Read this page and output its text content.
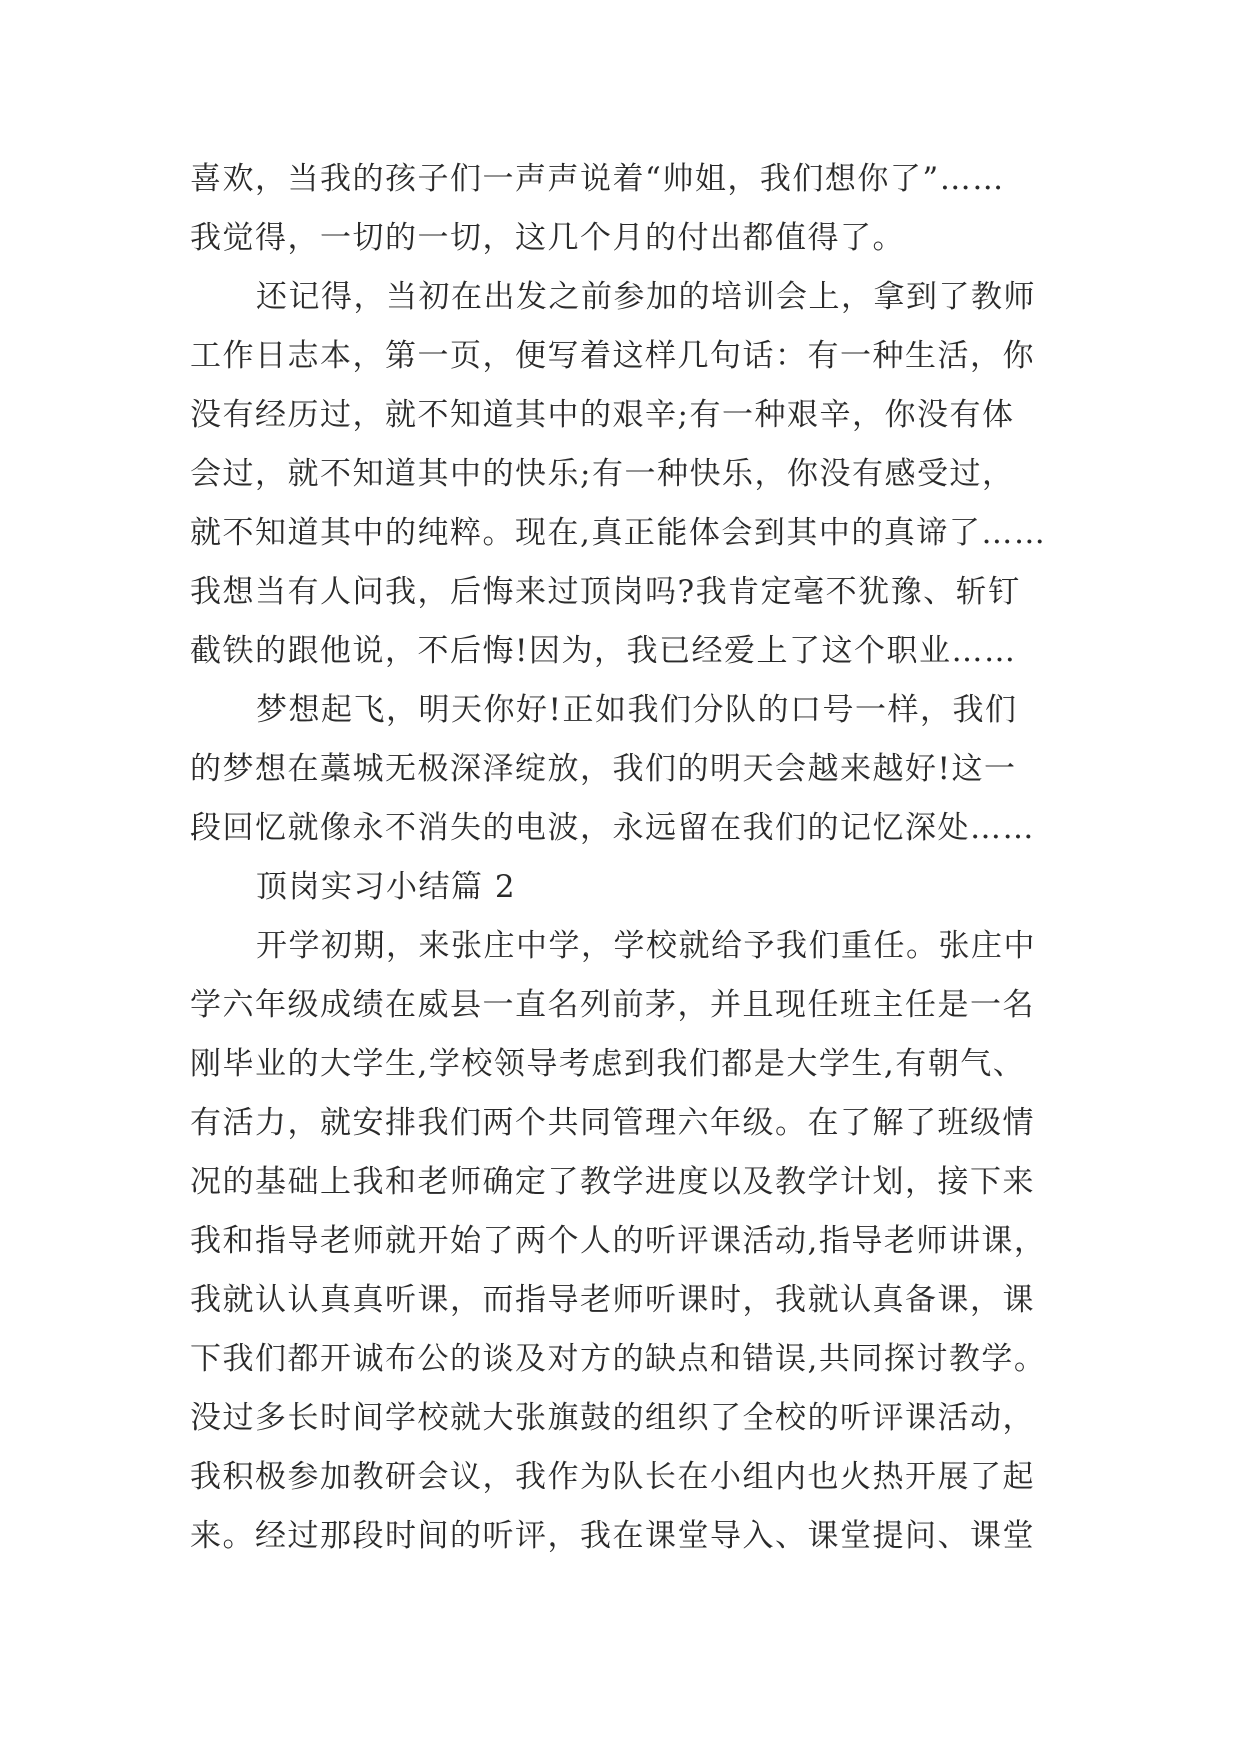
喜欢，当我的孩子们一声声说着“帅姐，我们想你了”……
我觉得，一切的一切，这几个月的付出都值得了。
还记得，当初在出发之前参加的培训会上，拿到了教师
工作日志本，第一页，便写着这样几句话：有一种生活，你
没有经历过，就不知道其中的艰辛;有一种艰辛，你没有体
会过，就不知道其中的快乐;有一种快乐，你没有感受过，
就不知道其中的纯粹。现在,真正能体会到其中的真谛了……
我想当有人问我，后悔来过顶岗吗?我肯定毫不犹豫、斩钉
截铁的跟他说，不后悔!因为，我已经爱上了这个职业……
梦想起飞，明天你好!正如我们分队的口号一样，我们
的梦想在藁城无极深泽绽放，我们的明天会越来越好!这一
段回忆就像永不消失的电波，永远留在我们的记忆深处……
顶岗实习小结篇 2
开学初期，来张庄中学，学校就给予我们重任。张庄中
学六年级成绩在威县一直名列前茅，并且现任班主任是一名
刚毕业的大学生,学校领导考虑到我们都是大学生,有朝气、
有活力，就安排我们两个共同管理六年级。在了解了班级情
况的基础上我和老师确定了教学进度以及教学计划，接下来
我和指导老师就开始了两个人的听评课活动,指导老师讲课，
我就认认真真听课，而指导老师听课时，我就认真备课，课
下我们都开诚布公的谈及对方的缺点和错误,共同探讨教学。
没过多长时间学校就大张旗鼓的组织了全校的听评课活动，
我积极参加教研会议，我作为队长在小组内也火热开展了起
来。经过那段时间的听评，我在课堂导入、课堂提问、课堂
